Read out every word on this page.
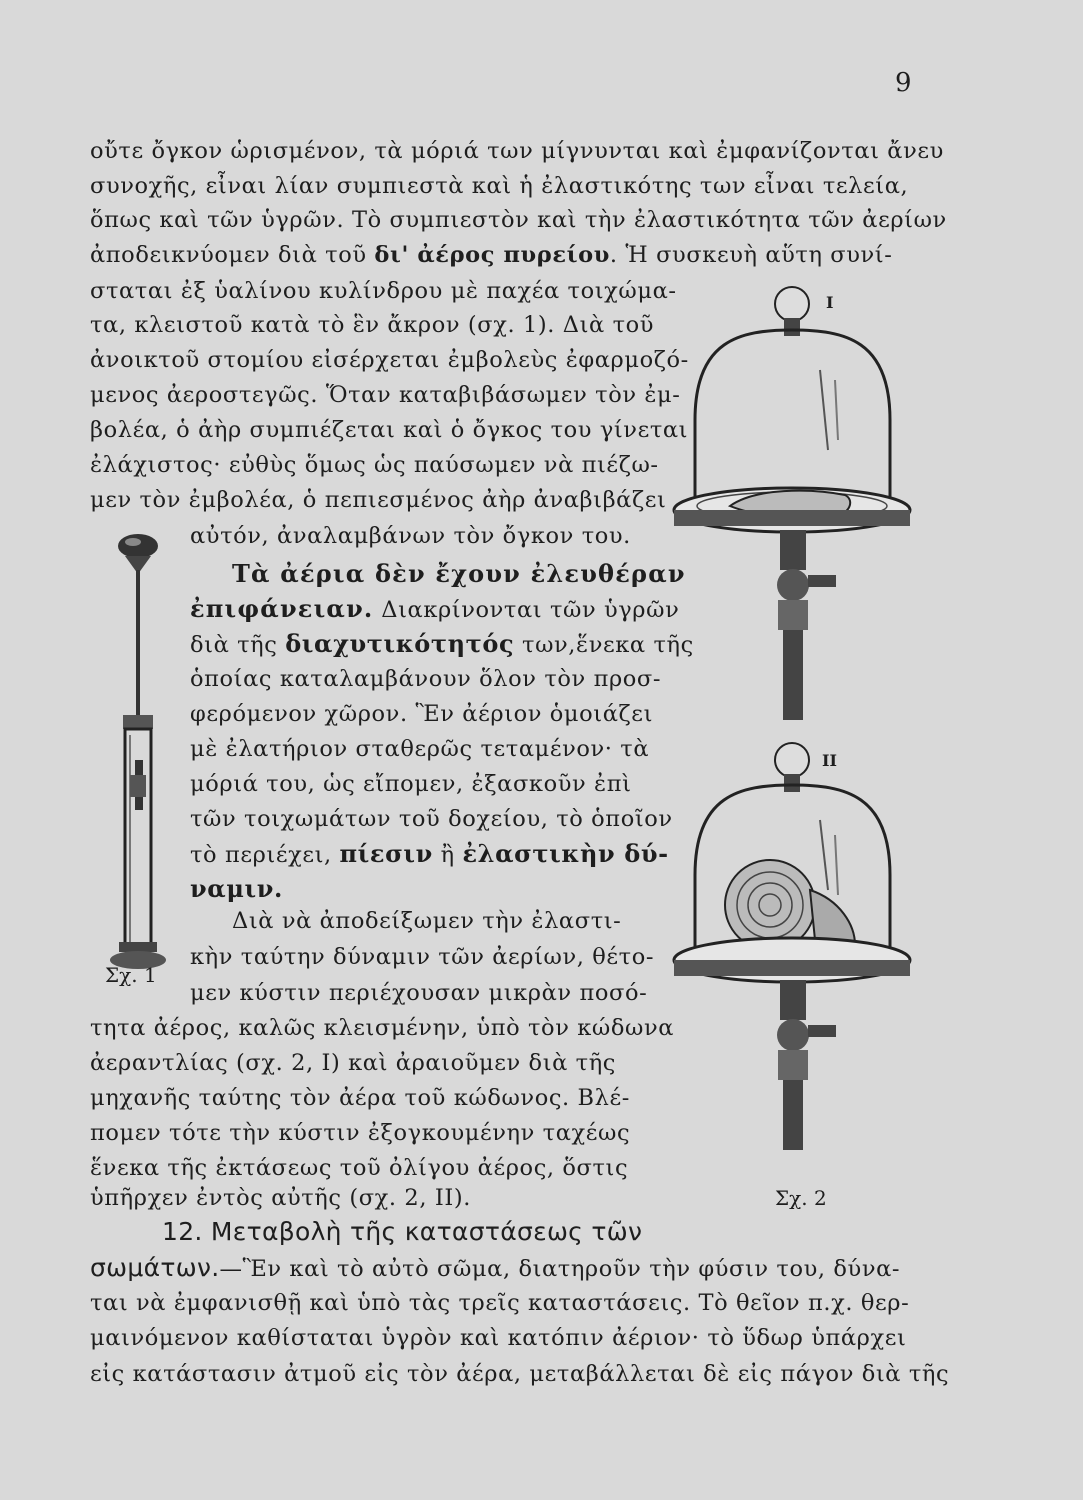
9
οὔτε ὄγκον ὡρισμένον, τὰ μόριά των μίγνυνται καὶ ἐμφανίζονται ἄνευ
συνοχῆς, εἶναι λίαν συμπιεστὰ καὶ ἡ ἐλαστικότης των εἶναι τελεία,
ὅπως καὶ τῶν ὑγρῶν. Τὸ συμπιεστὸν καὶ τὴν ἐλαστικότητα τῶν ἀερίων
ἀποδεικνύομεν διὰ τοῦ δι' ἀέρος πυρείου. Ἡ συσκευὴ αὕτη συνί-
σταται ἐξ ὑαλίνου κυλίνδρου μὲ παχέα τοιχώμα-
τα, κλειστοῦ κατὰ τὸ ἓν ἄκρον (σχ. 1). Διὰ τοῦ
ἀνοικτοῦ στομίου εἰσέρχεται ἐμβολεὺς ἐφαρμοζό-
μενος ἀεροστεγῶς. Ὅταν καταβιβάσωμεν τὸν ἐμ-
βολέα, ὁ ἀὴρ συμπιέζεται καὶ ὁ ὄγκος του γίνεται
ἐλάχιστος· εὐθὺς ὅμως ὡς παύσωμεν νὰ πιέζω-
μεν τὸν ἐμβολέα, ὁ πεπιεσμένος ἀὴρ ἀναβιβάζει
αὐτόν, ἀναλαμβάνων τὸν ὄγκον του.
Τὰ ἀέρια δὲν ἔχουν ἐλευθέραν
ἐπιφάνειαν. Διακρίνονται τῶν ὑγρῶν
διὰ τῆς διαχυτικότητός των,ἕνεκα τῆς
ὁποίας καταλαμβάνουν ὅλον τὸν προσ-
φερόμενον χῶρον. Ἓν ἀέριον ὁμοιάζει
μὲ ἐλατήριον σταθερῶς τεταμένον· τὰ
μόριά του, ὡς εἴπομεν, ἐξασκοῦν ἐπὶ
τῶν τοιχωμάτων τοῦ δοχείου, τὸ ὁποῖον
τὸ περιέχει, πίεσιν ἢ ἐλαστικὴν δύ-
ναμιν.
Διὰ νὰ ἀποδείξωμεν τὴν ἐλαστι-
κὴν ταύτην δύναμιν τῶν ἀερίων, θέτο-
μεν κύστιν περιέχουσαν μικρὰν ποσό-
τητα ἀέρος, καλῶς κλεισμένην, ὑπὸ τὸν κώδωνα
ἀεραντλίας (σχ. 2, Ι) καὶ ἀραιοῦμεν διὰ τῆς
μηχανῆς ταύτης τὸν ἀέρα τοῦ κώδωνος. Βλέ-
πομεν τότε τὴν κύστιν ἐξογκουμένην ταχέως
ἕνεκα τῆς ἐκτάσεως τοῦ ὀλίγου ἀέρος, ὅστις
ὑπῆρχεν ἐντὸς αὐτῆς (σχ. 2, ΙΙ).
12. Μεταβολὴ τῆς καταστάσεως τῶν
σωμάτων.—Ἓν καὶ τὸ αὐτὸ σῶμα, διατηροῦν τὴν φύσιν του, δύνα-
ται νὰ ἐμφανισθῇ καὶ ὑπὸ τὰς τρεῖς καταστάσεις. Τὸ θεῖον π.χ. θερ-
μαινόμενον καθίσταται ὑγρὸν καὶ κατόπιν ἀέριον· τὸ ὕδωρ ὑπάρχει
εἰς κατάστασιν ἀτμοῦ εἰς τὸν ἀέρα, μεταβάλλεται δὲ εἰς πάγον διὰ τῆς
Σχ. 1
Ι
ΙΙ
Σχ. 2
